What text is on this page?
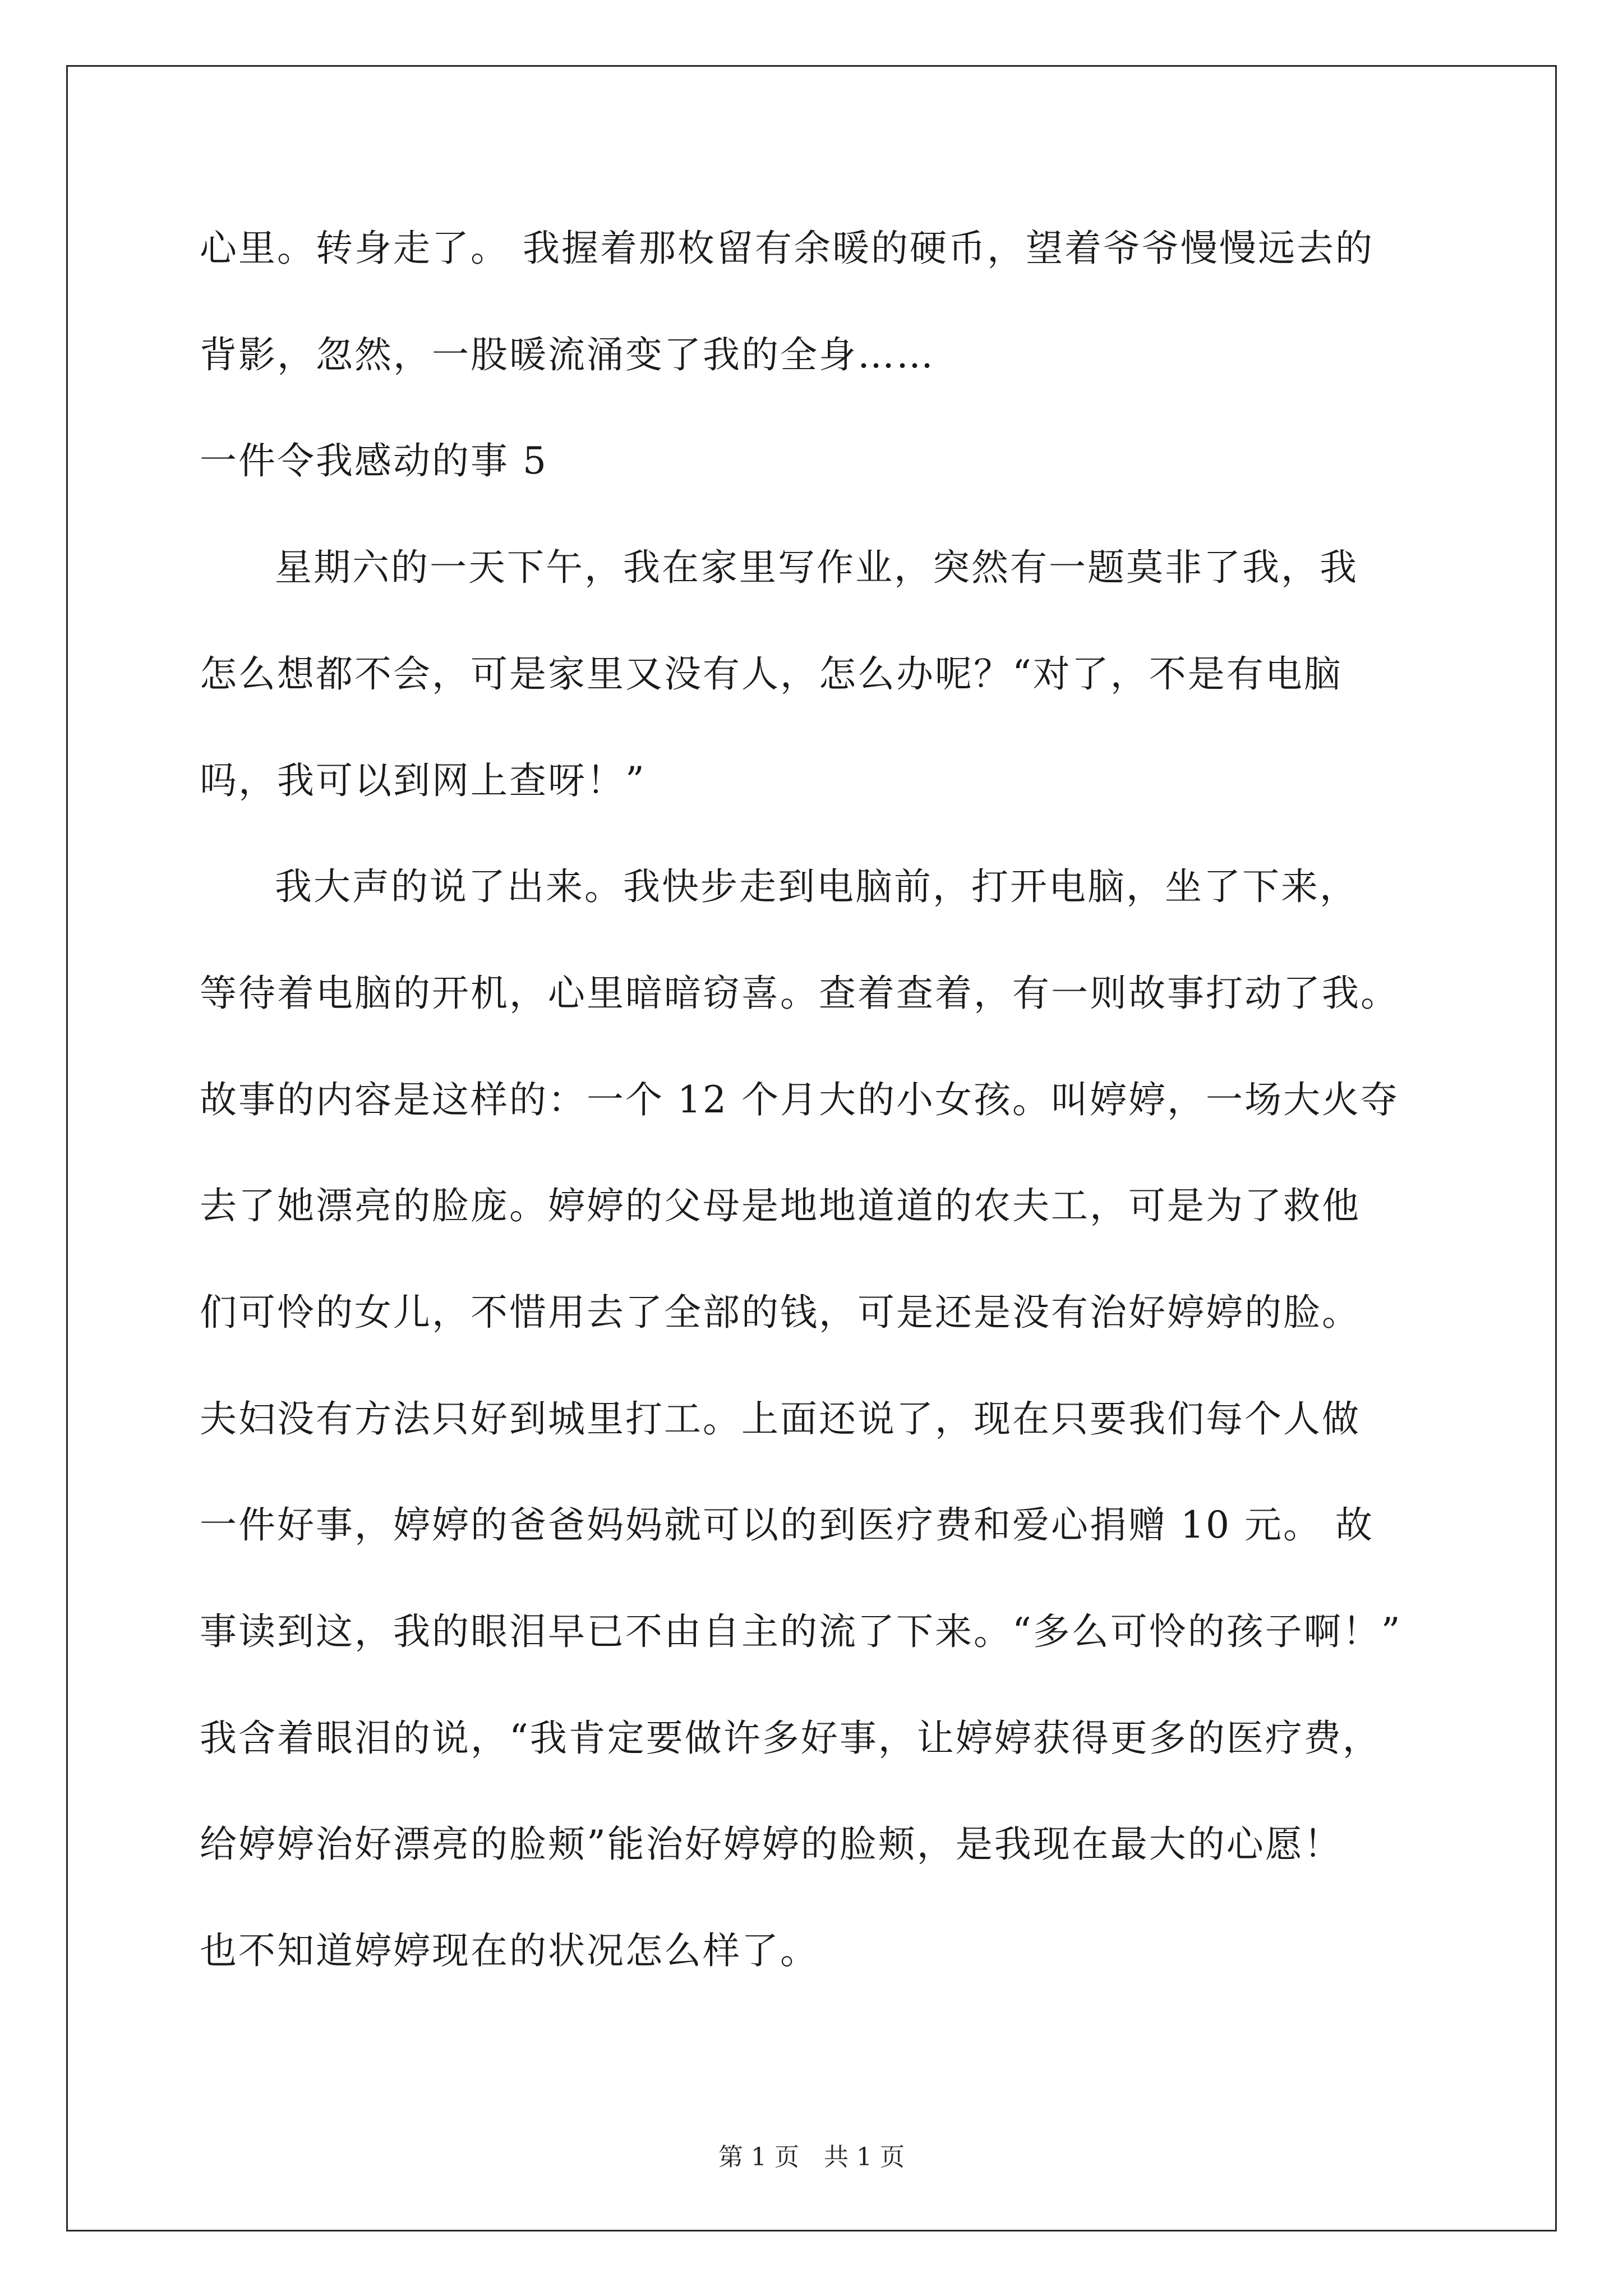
心里。转身走了。 我握着那枚留有余暖的硬币，望着爷爷慢慢远去的

背影，忽然，一股暖流涌变了我的全身……

一件令我感动的事 5

星期六的一天下午，我在家里写作业，突然有一题莫非了我，我

怎么想都不会，可是家里又没有人，怎么办呢？“对了，不是有电脑

吗，我可以到网上查呀！”

我大声的说了出来。我快步走到电脑前，打开电脑，坐了下来，

等待着电脑的开机，心里暗暗窃喜。查着查着，有一则故事打动了我。

故事的内容是这样的：一个 12 个月大的小女孩。叫婷婷，一场大火夺

去了她漂亮的脸庞。婷婷的父母是地地道道的农夫工，可是为了救他

们可怜的女儿，不惜用去了全部的钱，可是还是没有治好婷婷的脸。

夫妇没有方法只好到城里打工。上面还说了，现在只要我们每个人做

一件好事，婷婷的爸爸妈妈就可以的到医疗费和爱心捐赠 10 元。 故

事读到这，我的眼泪早已不由自主的流了下来。“多么可怜的孩子啊！”

我含着眼泪的说，“我肯定要做许多好事，让婷婷获得更多的医疗费，

给婷婷治好漂亮的脸颊”能治好婷婷的脸颊，是我现在最大的心愿！

也不知道婷婷现在的状况怎么样了。

第 1 页　共 1 页
